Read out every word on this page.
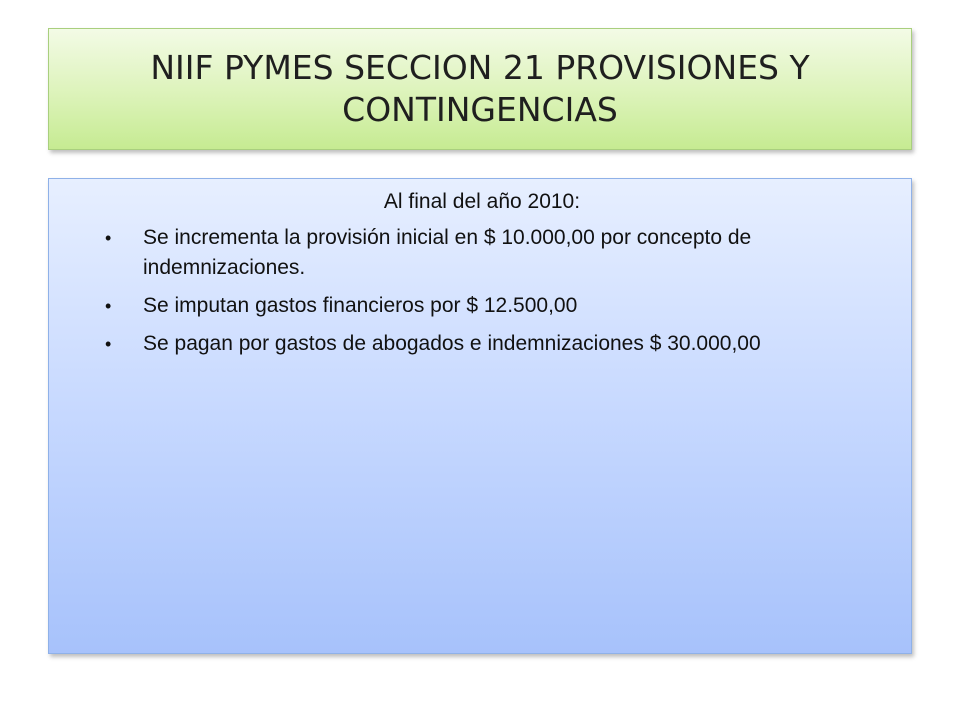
NIIF PYMES SECCION 21 PROVISIONES Y CONTINGENCIAS

Al final del año 2010:

• Se incrementa la provisión inicial en $ 10.000,00 por concepto de indemnizaciones.
• Se imputan gastos financieros por $ 12.500,00
• Se pagan por gastos de abogados e indemnizaciones $ 30.000,00
